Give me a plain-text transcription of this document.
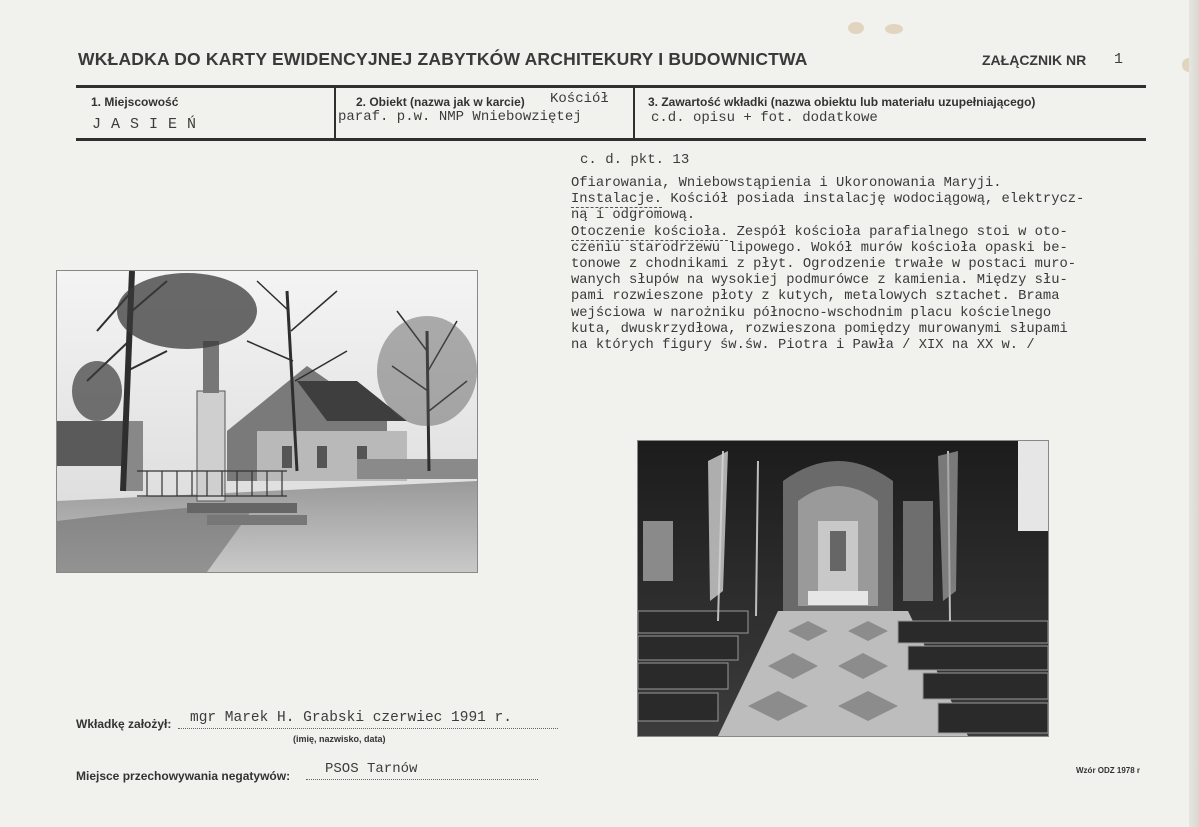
WKŁADKA DO KARTY EWIDENCYJNEJ ZABYTKÓW ARCHITEKURY I BUDOWNICTWA	ZAŁĄCZNIK NR 1
1. Miejscowość
JASIEŃ
2. Obiekt (nazwa jak w karcie) Kościół
paraf. p.w. NMP Wniebowziętej
3. Zawartość wkładki (nazwa obiektu lub materiału uzupełniającego)
c.d. opisu + fot. dodatkowe
c. d. pkt. 13
Ofiarowania, Wniebowstąpienia i Ukoronowania Maryji.
Instalacje. Kościół posiada instalację wodociągową, elektrycz-
ną i odgromową.
Otoczenie kościoła. Zespół kościoła parafialnego stoi w oto-
czeniu starodrzewu lipowego. Wokół murów kościoła opaski be-
tonowe z chodnikami z płyt. Ogrodzenie trwałe w postaci muro-
wanych słupów na wysokiej podmurówce z kamienia. Między słu-
pami rozwieszone płoty z kutych, metalowych sztachet. Brama
wejściowa w narożniku północno-wschodnim placu kościelnego
kuta, dwuskrzydłowa, rozwieszona pomiędzy murowanymi słupami
na których figury św.św. Piotra i Pawła / XIX na XX w. /
Wkładkę założył: mgr Marek H. Grabski czerwiec 1991 r.
(imię, nazwisko, data)
Miejsce przechowywania negatywów: PSOS Tarnów	Wzór ODZ 1978 r
